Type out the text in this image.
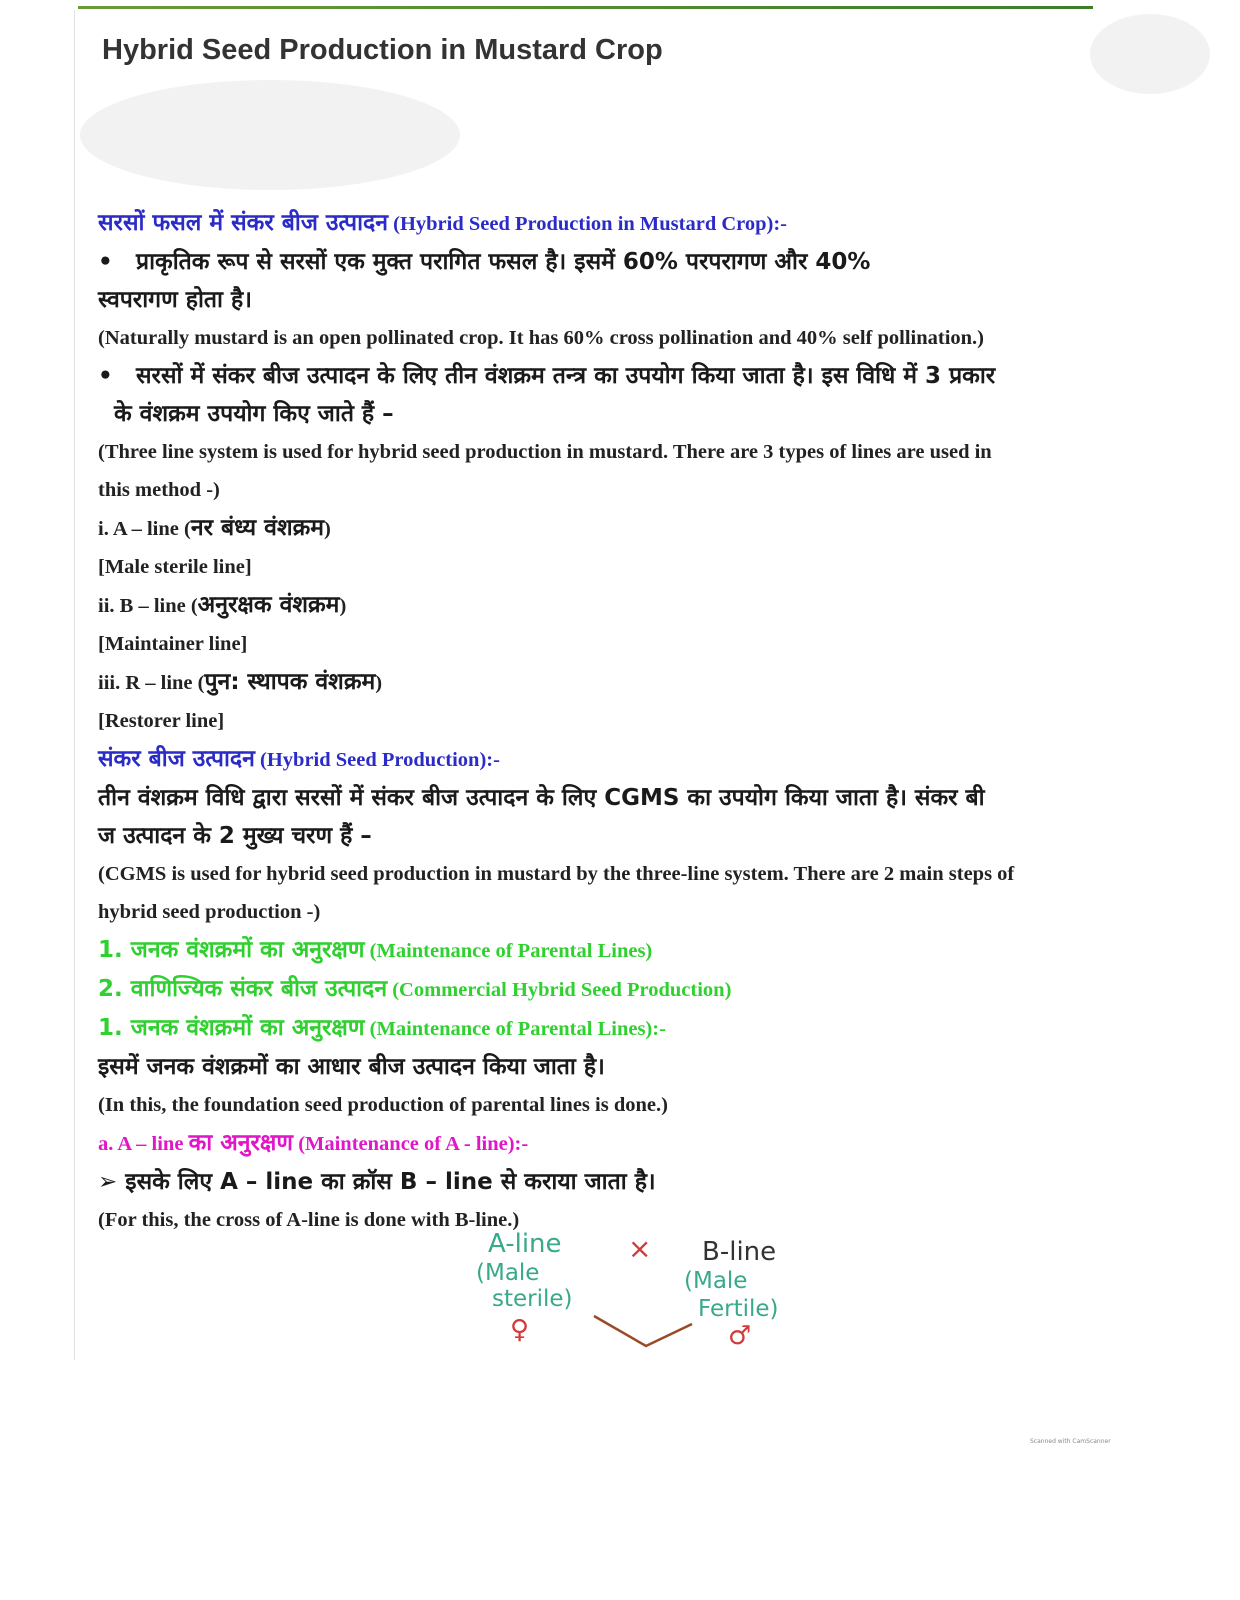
Hybrid Seed Production in Mustard Crop

सरसों फसल में संकर बीज उत्पादन (Hybrid Seed Production in Mustard Crop):-

• प्राकृतिक रूप से सरसों एक मुक्त परागित फसल है। इसमें 60% परपरागण और 40%

स्वपरागण होता है।

(Naturally mustard is an open pollinated crop. It has 60% cross pollination and 40% self pollination.)

• सरसों में संकर बीज उत्पादन के लिए तीन वंशक्रम तन्त्र का उपयोग किया जाता है। इस विधि में 3 प्रकार

के वंशक्रम उपयोग किए जाते हैं –

(Three line system is used for hybrid seed production in mustard. There are 3 types of lines are used in

this method -)

i. A – line (नर बंध्य वंशक्रम)

[Male sterile line]

ii. B – line (अनुरक्षक वंशक्रम)

[Maintainer line]

iii. R – line (पुन: स्थापक वंशक्रम)

[Restorer line]

संकर बीज उत्पादन (Hybrid Seed Production):-

तीन वंशक्रम विधि द्वारा सरसों में संकर बीज उत्पादन के लिए CGMS का उपयोग किया जाता है। संकर बी

ज उत्पादन के 2 मुख्य चरण हैं –

(CGMS is used for hybrid seed production in mustard by the three-line system. There are 2 main steps of

hybrid seed production -)

1. जनक वंशक्रमों का अनुरक्षण (Maintenance of Parental Lines)

2. वाणिज्यिक संकर बीज उत्पादन (Commercial Hybrid Seed Production)

1. जनक वंशक्रमों का अनुरक्षण (Maintenance of Parental Lines):-

इसमें जनक वंशक्रमों का आधार बीज उत्पादन किया जाता है।

(In this, the foundation seed production of parental lines is done.)

a. A – line का अनुरक्षण (Maintenance of A - line):-

➢ इसके लिए A – line का क्रॉस B – line से कराया जाता है।

(For this, the cross of A-line is done with B-line.)

A-line
(Male
sterile)
♀
× B-line
(Male
Fertile)
♂
Scanned with CamScanner
